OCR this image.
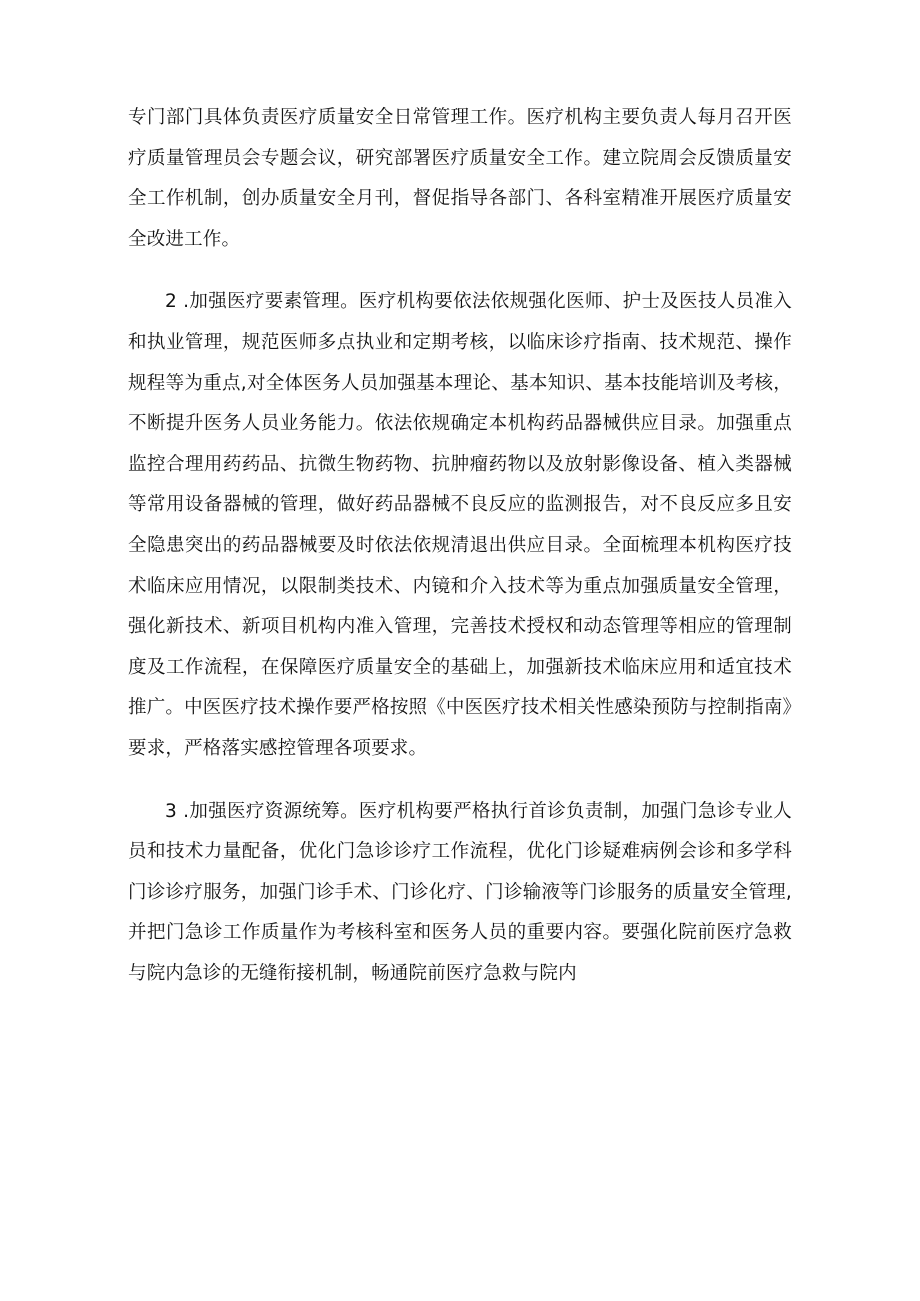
专门部门具体负责医疗质量安全日常管理工作。医疗机构主要负责人每月召开医疗质量管理员会专题会议，研究部署医疗质量安全工作。建立院周会反馈质量安全工作机制，创办质量安全月刊，督促指导各部门、各科室精准开展医疗质量安全改进工作。

2 .加强医疗要素管理。医疗机构要依法依规强化医师、护士及医技人员准入和执业管理，规范医师多点执业和定期考核，以临床诊疗指南、技术规范、操作规程等为重点,对全体医务人员加强基本理论、基本知识、基本技能培训及考核，不断提升医务人员业务能力。依法依规确定本机构药品器械供应目录。加强重点监控合理用药药品、抗微生物药物、抗肿瘤药物以及放射影像设备、植入类器械等常用设备器械的管理，做好药品器械不良反应的监测报告，对不良反应多且安全隐患突出的药品器械要及时依法依规清退出供应目录。全面梳理本机构医疗技术临床应用情况，以限制类技术、内镜和介入技术等为重点加强质量安全管理，强化新技术、新项目机构内准入管理，完善技术授权和动态管理等相应的管理制度及工作流程，在保障医疗质量安全的基础上，加强新技术临床应用和适宜技术推广。中医医疗技术操作要严格按照《中医医疗技术相关性感染预防与控制指南》要求，严格落实感控管理各项要求。

3 .加强医疗资源统筹。医疗机构要严格执行首诊负责制，加强门急诊专业人员和技术力量配备，优化门急诊诊疗工作流程，优化门诊疑难病例会诊和多学科门诊诊疗服务，加强门诊手术、门诊化疗、门诊输液等门诊服务的质量安全管理,并把门急诊工作质量作为考核科室和医务人员的重要内容。要强化院前医疗急救与院内急诊的无缝衔接机制，畅通院前医疗急救与院内
